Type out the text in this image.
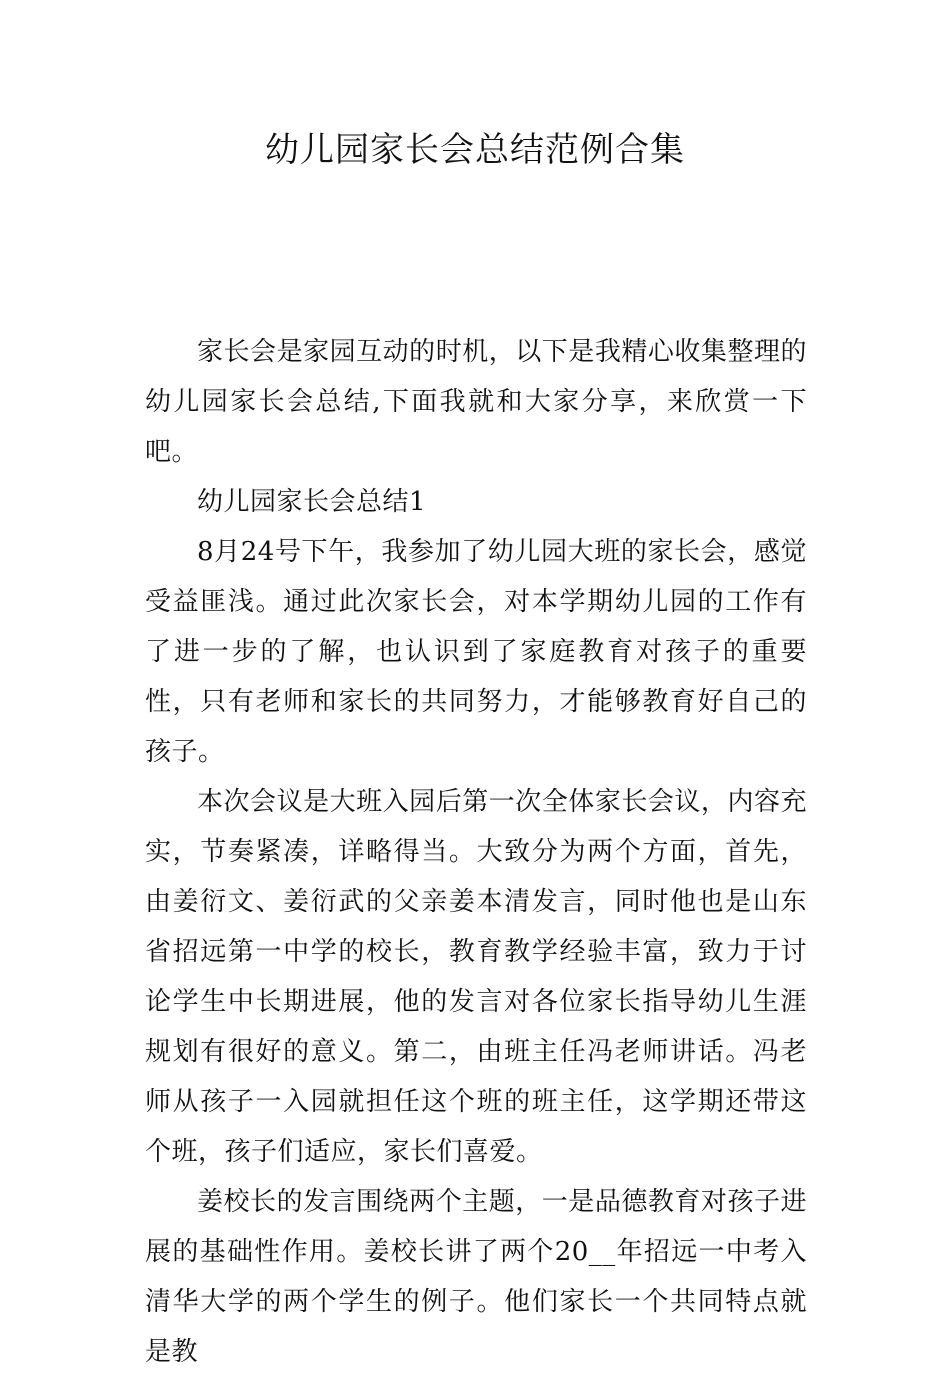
幼儿园家长会总结范例合集

家长会是家园互动的时机，以下是我精心收集整理的幼儿园家长会总结,下面我就和大家分享，来欣赏一下吧。

幼儿园家长会总结1

8月24号下午，我参加了幼儿园大班的家长会，感觉受益匪浅。通过此次家长会，对本学期幼儿园的工作有了进一步的了解，也认识到了家庭教育对孩子的重要性，只有老师和家长的共同努力，才能够教育好自己的孩子。

本次会议是大班入园后第一次全体家长会议，内容充实，节奏紧凑，详略得当。大致分为两个方面，首先，由姜衍文、姜衍武的父亲姜本清发言，同时他也是山东省招远第一中学的校长，教育教学经验丰富，致力于讨论学生中长期进展，他的发言对各位家长指导幼儿生涯规划有很好的意义。第二，由班主任冯老师讲话。冯老师从孩子一入园就担任这个班的班主任，这学期还带这个班，孩子们适应，家长们喜爱。

姜校长的发言围绕两个主题，一是品德教育对孩子进展的基础性作用。姜校长讲了两个20__年招远一中考入清华大学的两个学生的例子。他们家长一个共同特点就是教
